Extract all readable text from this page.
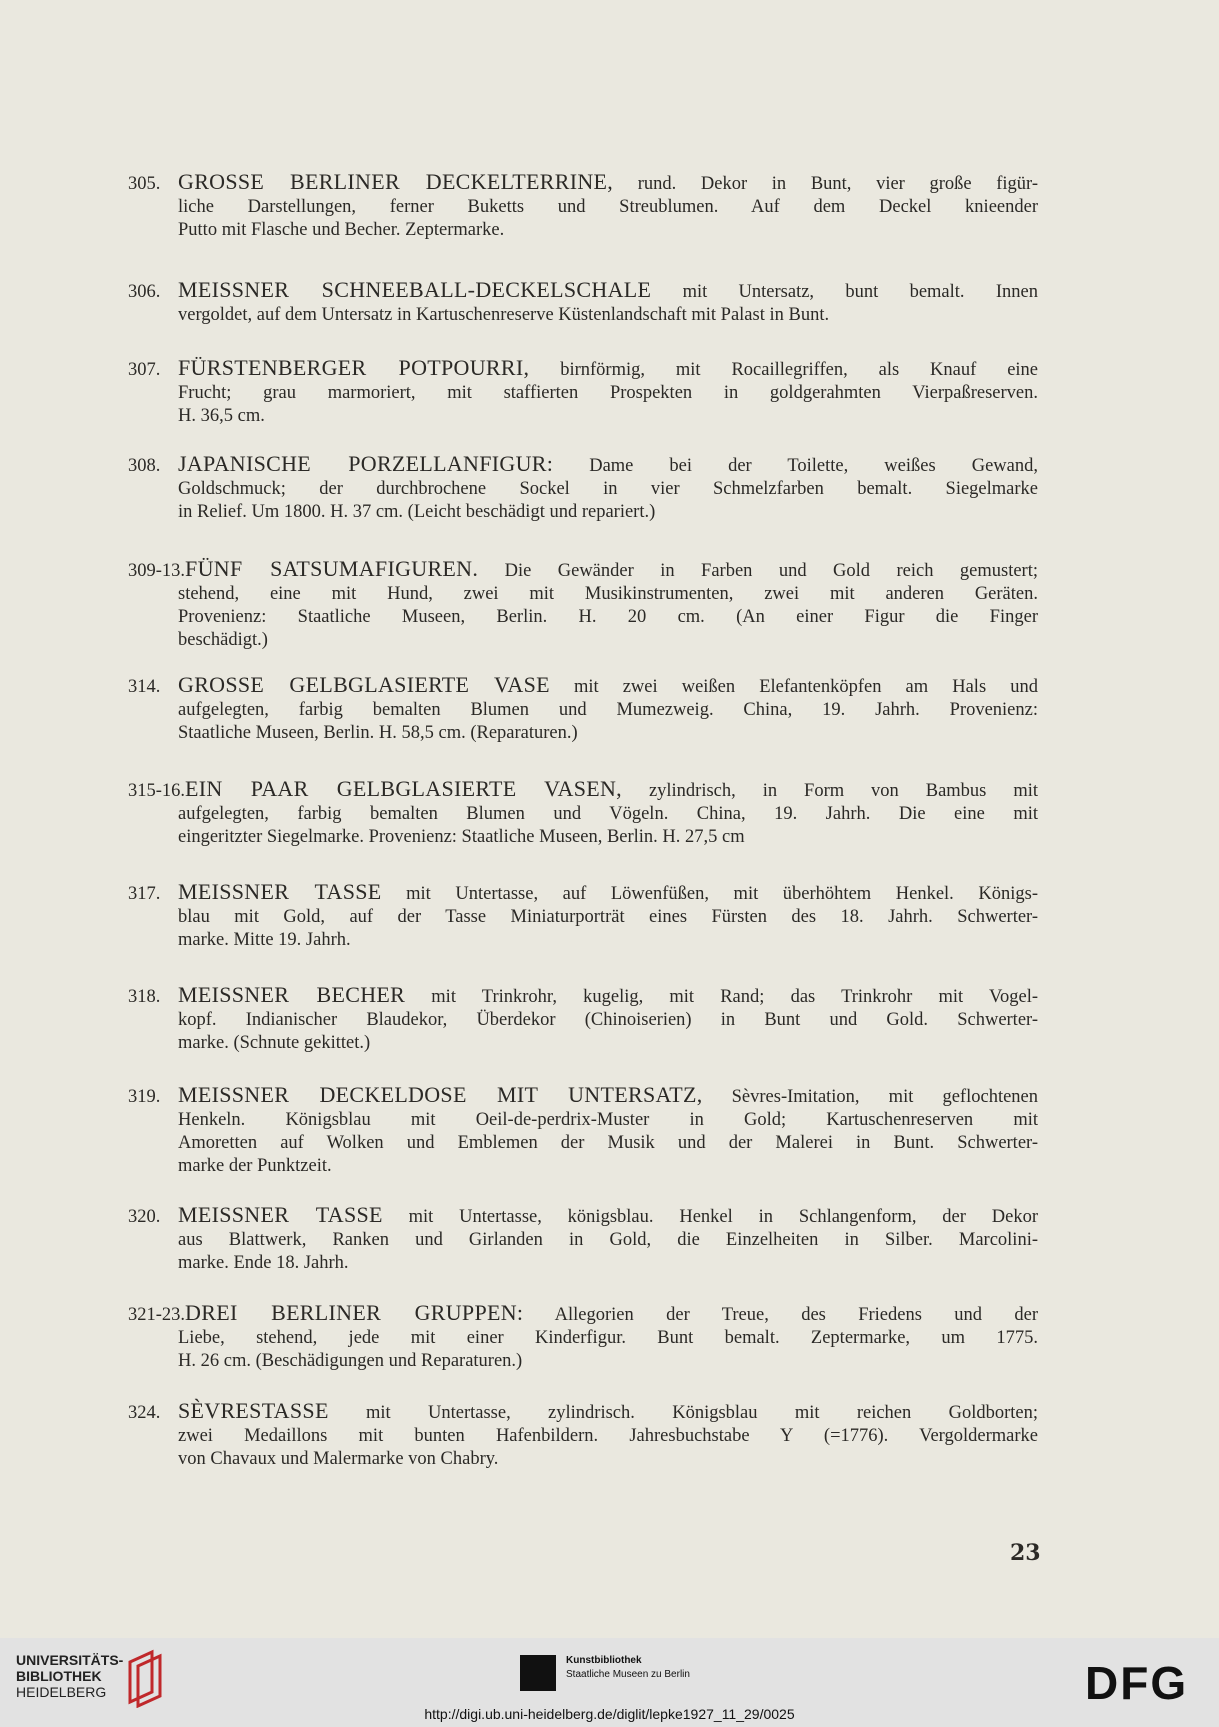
305. GROSSE BERLINER DECKELTERRINE, rund. Dekor in Bunt, vier große figür-
liche Darstellungen, ferner Buketts und Streublumen. Auf dem Deckel knieender
Putto mit Flasche und Becher. Zeptermarke.
306. MEISSNER SCHNEEBALL-DECKELSCHALE mit Untersatz, bunt bemalt. Innen
vergoldet, auf dem Untersatz in Kartuschenreserve Küstenlandschaft mit Palast in Bunt.
307. FÜRSTENBERGER POTPOURRI, birnförmig, mit Rocaillegriffen, als Knauf eine
Frucht; grau marmoriert, mit staffierten Prospekten in goldgerahmten Vierpaßreserven.
H. 36,5 cm.
308. JAPANISCHE PORZELLANFIGUR: Dame bei der Toilette, weißes Gewand,
Goldschmuck; der durchbrochene Sockel in vier Schmelzfarben bemalt. Siegelmarke
in Relief. Um 1800. H. 37 cm. (Leicht beschädigt und repariert.)
309-13.FÜNF SATSUMAFIGUREN. Die Gewänder in Farben und Gold reich gemustert;
stehend, eine mit Hund, zwei mit Musikinstrumenten, zwei mit anderen Geräten.
Provenienz: Staatliche Museen, Berlin. H. 20 cm. (An einer Figur die Finger
beschädigt.)
314. GROSSE GELBGLASIERTE VASE mit zwei weißen Elefantenköpfen am Hals und
aufgelegten, farbig bemalten Blumen und Mumezweig. China, 19. Jahrh. Provenienz:
Staatliche Museen, Berlin. H. 58,5 cm. (Reparaturen.)
315-16.EIN PAAR GELBGLASIERTE VASEN, zylindrisch, in Form von Bambus mit
aufgelegten, farbig bemalten Blumen und Vögeln. China, 19. Jahrh. Die eine mit
eingeritzter Siegelmarke. Provenienz: Staatliche Museen, Berlin. H. 27,5 cm
317. MEISSNER TASSE mit Untertasse, auf Löwenfüßen, mit überhöhtem Henkel. Königs-
blau mit Gold, auf der Tasse Miniaturporträt eines Fürsten des 18. Jahrh. Schwerter-
marke. Mitte 19. Jahrh.
318. MEISSNER BECHER mit Trinkrohr, kugelig, mit Rand; das Trinkrohr mit Vogel-
kopf. Indianischer Blaudekor, Überdekor (Chinoiserien) in Bunt und Gold. Schwerter-
marke. (Schnute gekittet.)
319. MEISSNER DECKELDOSE MIT UNTERSATZ, Sèvres-Imitation, mit geflochtenen
Henkeln. Königsblau mit Oeil-de-perdrix-Muster in Gold; Kartuschenreserven mit
Amoretten auf Wolken und Emblemen der Musik und der Malerei in Bunt. Schwerter-
marke der Punktzeit.
320. MEISSNER TASSE mit Untertasse, königsblau. Henkel in Schlangenform, der Dekor
aus Blattwerk, Ranken und Girlanden in Gold, die Einzelheiten in Silber. Marcolini-
marke. Ende 18. Jahrh.
321-23.DREI BERLINER GRUPPEN: Allegorien der Treue, des Friedens und der
Liebe, stehend, jede mit einer Kinderfigur. Bunt bemalt. Zeptermarke, um 1775.
H. 26 cm. (Beschädigungen und Reparaturen.)
324. SÈVRESTASSE mit Untertasse, zylindrisch. Königsblau mit reichen Goldborten;
zwei Medaillons mit bunten Hafenbildern. Jahresbuchstabe Y (=1776). Vergoldermarke
von Chavaux und Malermarke von Chabry.
23
UNIVERSITÄTS-
BIBLIOTHEK
HEIDELBERG
Kunstbibliothek
Staatliche Museen zu Berlin	DFG
http://digi.ub.uni-heidelberg.de/diglit/lepke1927_11_29/0025
